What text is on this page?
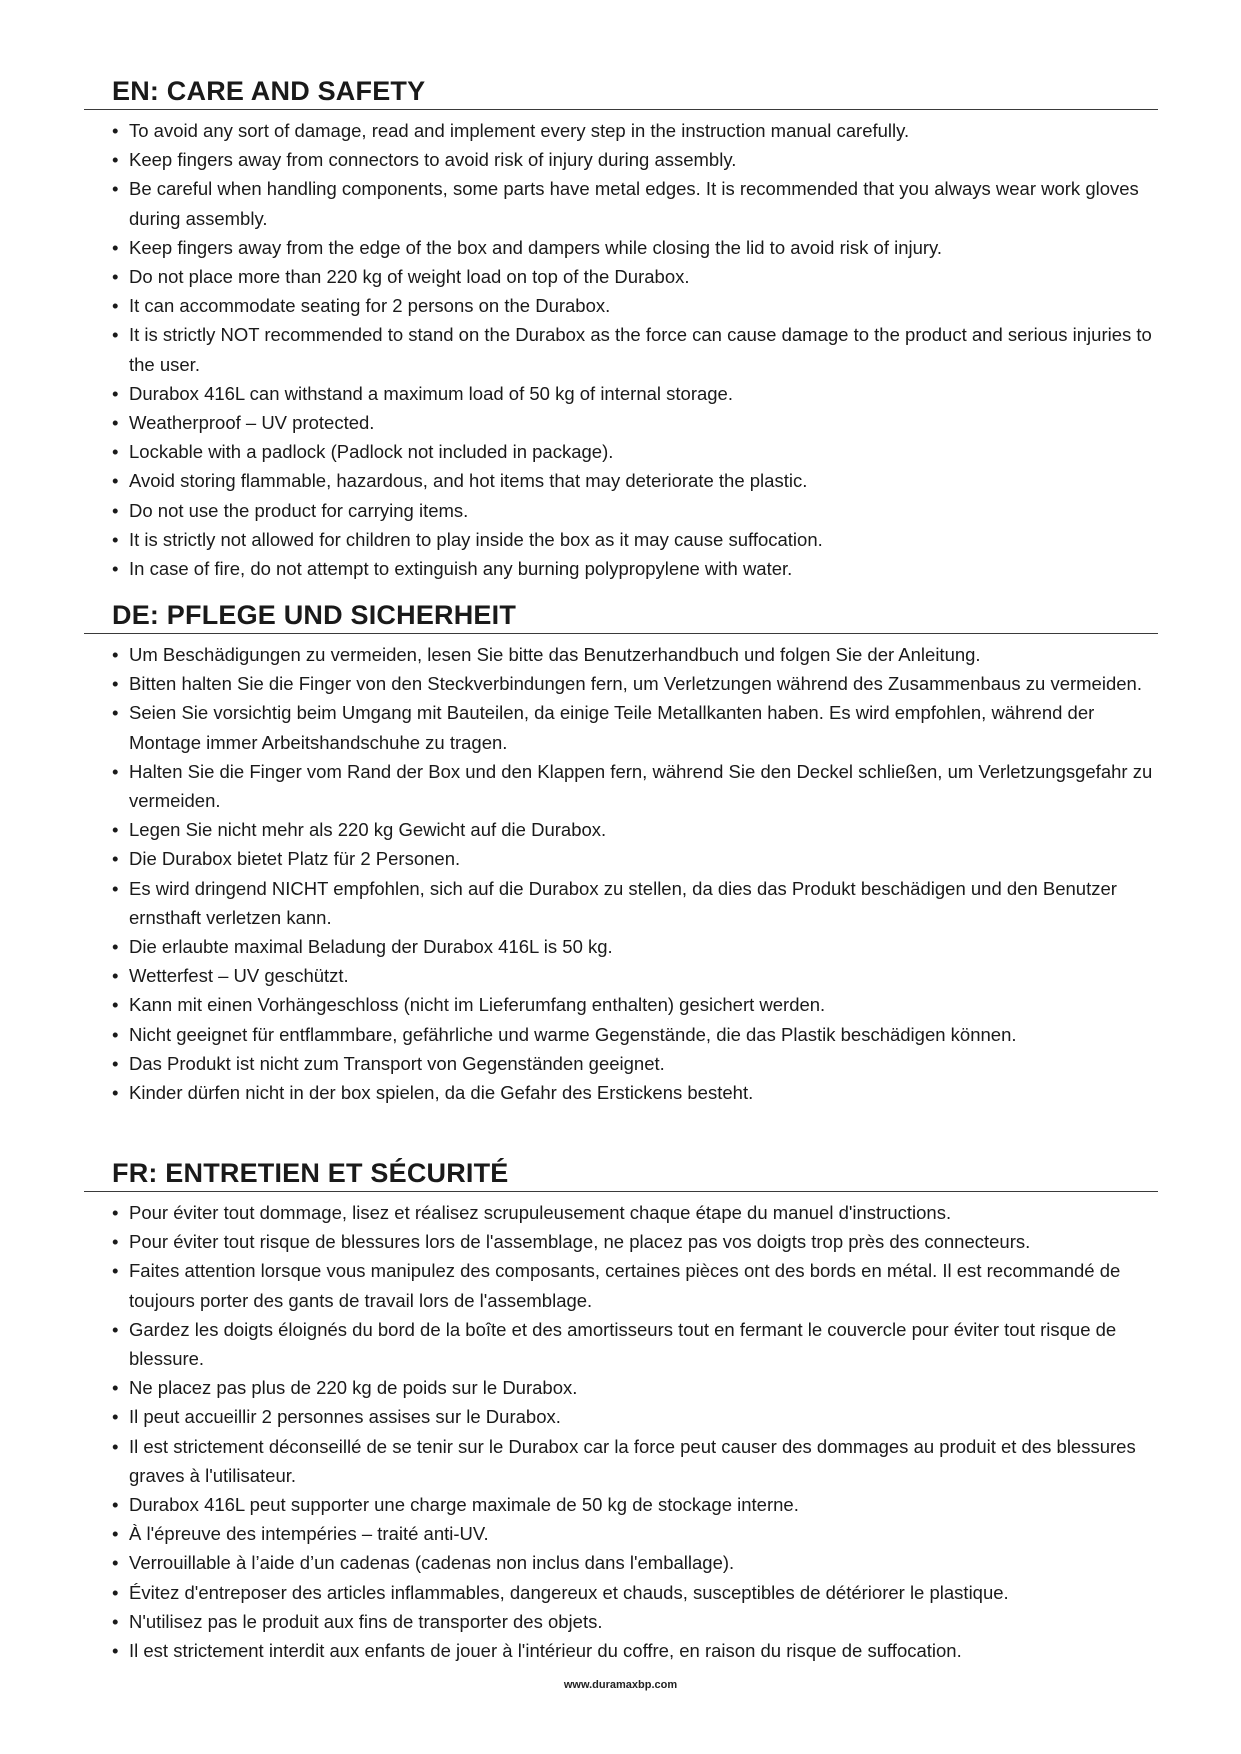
EN: CARE AND SAFETY
• To avoid any sort of damage, read and implement every step in the instruction manual carefully.
• Keep fingers away from connectors to avoid risk of injury during assembly.
• Be careful when handling components, some parts have metal edges. It is recommended that you always wear work gloves during assembly.
• Keep fingers away from the edge of the box and dampers while closing the lid to avoid risk of injury.
• Do not place more than 220 kg of weight load on top of the Durabox.
• It can accommodate seating for 2 persons on the Durabox.
• It is strictly NOT recommended to stand on the Durabox as the force can cause damage to the product and serious injuries to the user.
• Durabox 416L can withstand a maximum load of 50 kg of internal storage.
• Weatherproof – UV protected.
• Lockable with a padlock (Padlock not included in package).
• Avoid storing flammable, hazardous, and hot items that may deteriorate the plastic.
• Do not use the product for carrying items.
• It is strictly not allowed for children to play inside the box as it may cause suffocation.
• In case of fire, do not attempt to extinguish any burning polypropylene with water.
DE: PFLEGE UND SICHERHEIT
• Um Beschädigungen zu vermeiden, lesen Sie bitte das Benutzerhandbuch und folgen Sie der Anleitung.
• Bitten halten Sie die Finger von den Steckverbindungen fern, um Verletzungen während des Zusammenbaus zu vermeiden.
• Seien Sie vorsichtig beim Umgang mit Bauteilen, da einige Teile Metallkanten haben. Es wird empfohlen, während der Montage immer Arbeitshandschuhe zu tragen.
• Halten Sie die Finger vom Rand der Box und den Klappen fern, während Sie den Deckel schließen, um Verletzungsgefahr zu vermeiden.
• Legen Sie nicht mehr als 220 kg Gewicht auf die Durabox.
• Die Durabox bietet Platz für 2 Personen.
• Es wird dringend NICHT empfohlen, sich auf die Durabox zu stellen, da dies das Produkt beschädigen und den Benutzer ernsthaft verletzen kann.
• Die erlaubte maximal Beladung der Durabox 416L is 50 kg.
• Wetterfest – UV geschützt.
• Kann mit einen Vorhängeschloss (nicht im Lieferumfang enthalten) gesichert werden.
• Nicht geeignet für entflammbare, gefährliche und warme Gegenstände, die das Plastik beschädigen können.
• Das Produkt ist nicht zum Transport von Gegenständen geeignet.
• Kinder dürfen nicht in der box spielen, da die Gefahr des Erstickens besteht.
FR: ENTRETIEN ET SÉCURITÉ
• Pour éviter tout dommage, lisez et réalisez scrupuleusement chaque étape du manuel d'instructions.
• Pour éviter tout risque de blessures lors de l'assemblage, ne placez pas vos doigts trop près des connecteurs.
• Faites attention lorsque vous manipulez des composants, certaines pièces ont des bords en métal. Il est recommandé de toujours porter des gants de travail lors de l'assemblage.
• Gardez les doigts éloignés du bord de la boîte et des amortisseurs tout en fermant le couvercle pour éviter tout risque de blessure.
• Ne placez pas plus de 220 kg de poids sur le Durabox.
• Il peut accueillir 2 personnes assises sur le Durabox.
• Il est strictement déconseillé de se tenir sur le Durabox car la force peut causer des dommages au produit et des blessures graves à l'utilisateur.
• Durabox 416L peut supporter une charge maximale de 50 kg de stockage interne.
• À l'épreuve des intempéries – traité anti-UV.
• Verrouillable à l’aide d’un cadenas (cadenas non inclus dans l'emballage).
• Évitez d'entreposer des articles inflammables, dangereux et chauds, susceptibles de détériorer le plastique.
• N'utilisez pas le produit aux fins de transporter des objets.
• Il est strictement interdit aux enfants de jouer à l'intérieur du coffre, en raison du risque de suffocation.
www.duramaxbp.com
